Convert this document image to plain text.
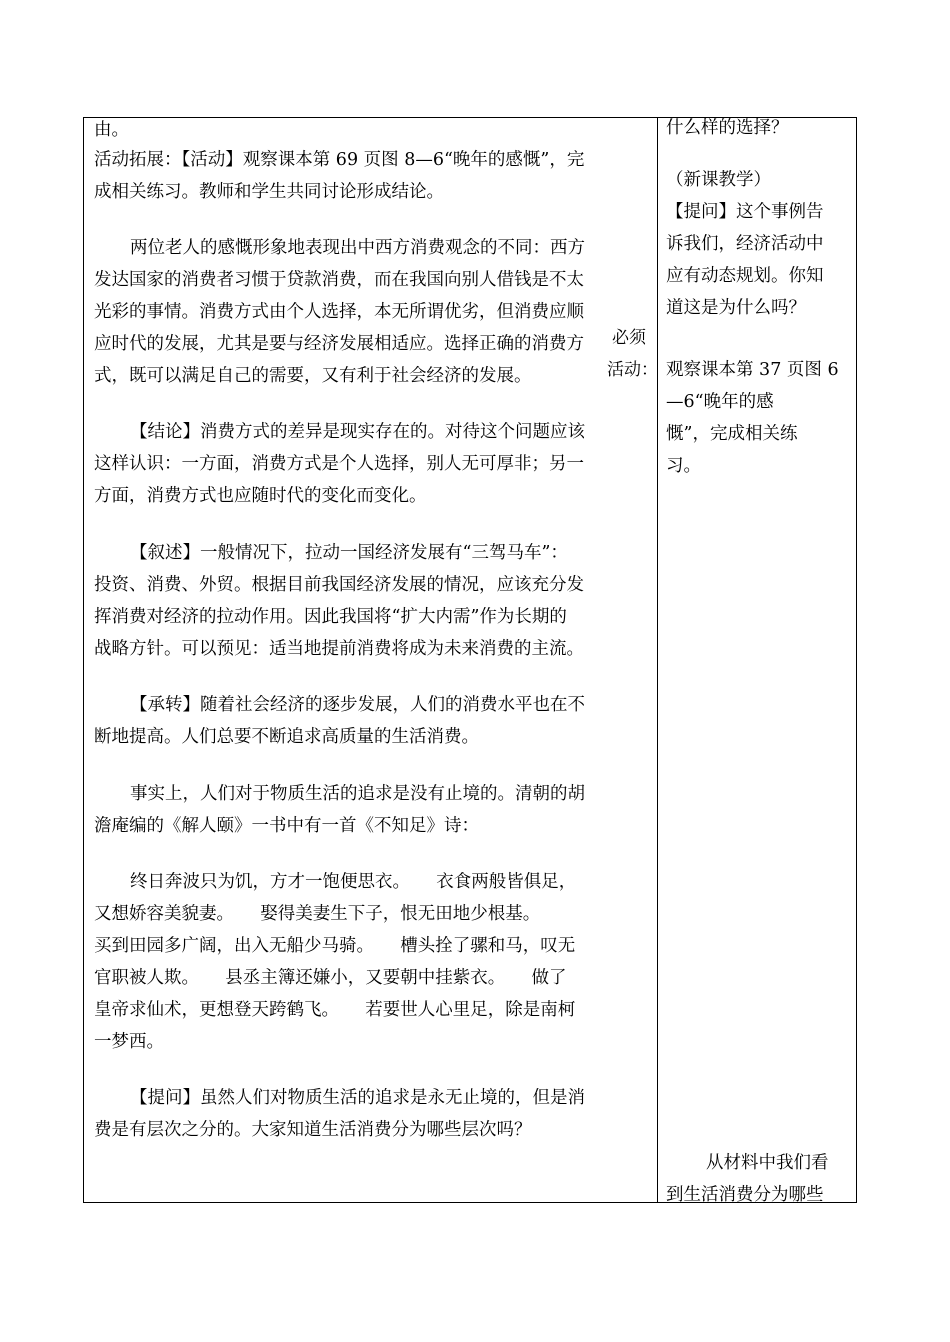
由。
活动拓展：【活动】观察课本第 69 页图 8—6“晚年的感慨”，完
成相关练习。教师和学生共同讨论形成结论。
两位老人的感慨形象地表现出中西方消费观念的不同：西方
发达国家的消费者习惯于贷款消费，而在我国向别人借钱是不太
光彩的事情。消费方式由个人选择，本无所谓优劣，但消费应顺
应时代的发展，尤其是要与经济发展相适应。选择正确的消费方
式，既可以满足自己的需要，又有利于社会经济的发展。
【结论】消费方式的差异是现实存在的。对待这个问题应该
这样认识：一方面，消费方式是个人选择，别人无可厚非；另一
方面，消费方式也应随时代的变化而变化。
【叙述】一般情况下，拉动一国经济发展有“三驾马车”：
投资、消费、外贸。根据目前我国经济发展的情况，应该充分发
挥消费对经济的拉动作用。因此我国将“扩大内需”作为长期的
战略方针。可以预见：适当地提前消费将成为未来消费的主流。
【承转】随着社会经济的逐步发展，人们的消费水平也在不
断地提高。人们总要不断追求高质量的生活消费。
事实上，人们对于物质生活的追求是没有止境的。清朝的胡
澹庵编的《解人颐》一书中有一首《不知足》诗：
终日奔波只为饥，方才一饱便思衣。　　衣食两般皆俱足，
又想娇容美貌妻。　　娶得美妻生下子，恨无田地少根基。
买到田园多广阔，出入无船少马骑。　　槽头拴了骡和马，叹无
官职被人欺。　　县丞主簿还嫌小，又要朝中挂紫衣。　　做了
皇帝求仙术，更想登天跨鹤飞。　　若要世人心里足，除是南柯
一梦西。
【提问】虽然人们对物质生活的追求是永无止境的，但是消
费是有层次之分的。大家知道生活消费分为哪些层次吗？
必须
活动：
什么样的选择？
（新课教学）
【提问】这个事例告
诉我们，经济活动中
应有动态规划。你知
道这是为什么吗？
观察课本第 37 页图 6
—6“晚年的感
慨”，完成相关练
习。
从材料中我们看
到生活消费分为哪些
